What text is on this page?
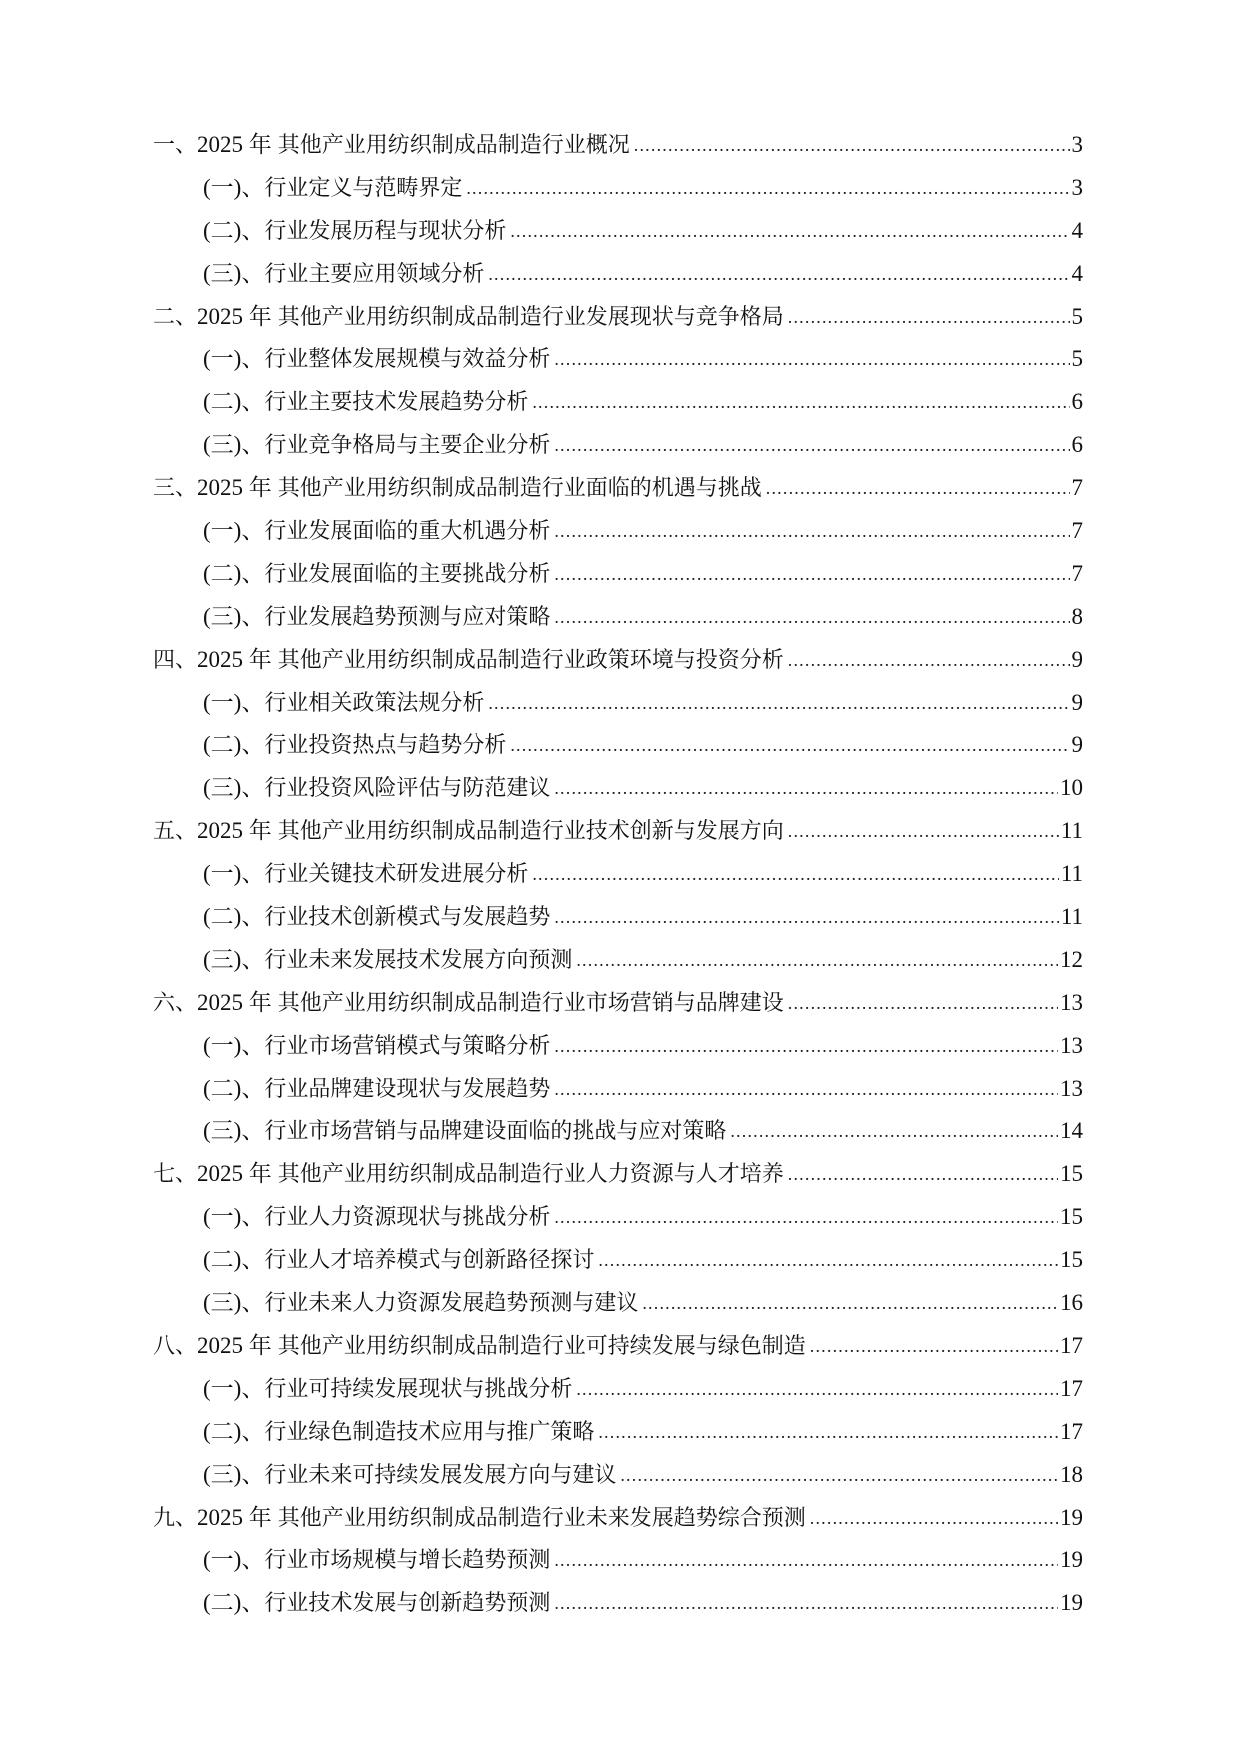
一、 2025 年 其他产业用纺织制成品制造行业概况 .....	3
(一)、 行业定义与范畴界定 .....	3
(二)、 行业发展历程与现状分析 .....	4
(三)、 行业主要应用领域分析 .....	4
二、 2025 年 其他产业用纺织制成品制造行业发展现状与竞争格局 .....	5
(一)、 行业整体发展规模与效益分析 .....	5
(二)、 行业主要技术发展趋势分析 .....	6
(三)、 行业竞争格局与主要企业分析 .....	6
三、 2025 年 其他产业用纺织制成品制造行业面临的机遇与挑战 .....	7
(一)、 行业发展面临的重大机遇分析 .....	7
(二)、 行业发展面临的主要挑战分析 .....	7
(三)、 行业发展趋势预测与应对策略 .....	8
四、 2025 年 其他产业用纺织制成品制造行业政策环境与投资分析 .....	9
(一)、 行业相关政策法规分析 .....	9
(二)、 行业投资热点与趋势分析 .....	9
(三)、 行业投资风险评估与防范建议 .....	10
五、 2025 年 其他产业用纺织制成品制造行业技术创新与发展方向 .....	11
(一)、 行业关键技术研发进展分析 .....	11
(二)、 行业技术创新模式与发展趋势 .....	11
(三)、 行业未来发展技术发展方向预测 .....	12
六、 2025 年 其他产业用纺织制成品制造行业市场营销与品牌建设 .....	13
(一)、 行业市场营销模式与策略分析 .....	13
(二)、 行业品牌建设现状与发展趋势 .....	13
(三)、 行业市场营销与品牌建设面临的挑战与应对策略 .....	14
七、 2025 年 其他产业用纺织制成品制造行业人力资源与人才培养 .....	15
(一)、 行业人力资源现状与挑战分析 .....	15
(二)、 行业人才培养模式与创新路径探讨 .....	15
(三)、 行业未来人力资源发展趋势预测与建议 .....	16
八、 2025 年 其他产业用纺织制成品制造行业可持续发展与绿色制造 .....	17
(一)、 行业可持续发展现状与挑战分析 .....	17
(二)、 行业绿色制造技术应用与推广策略 .....	17
(三)、 行业未来可持续发展发展方向与建议 .....	18
九、 2025 年 其他产业用纺织制成品制造行业未来发展趋势综合预测 .....	19
(一)、 行业市场规模与增长趋势预测 .....	19
(二)、 行业技术发展与创新趋势预测 .....	19
